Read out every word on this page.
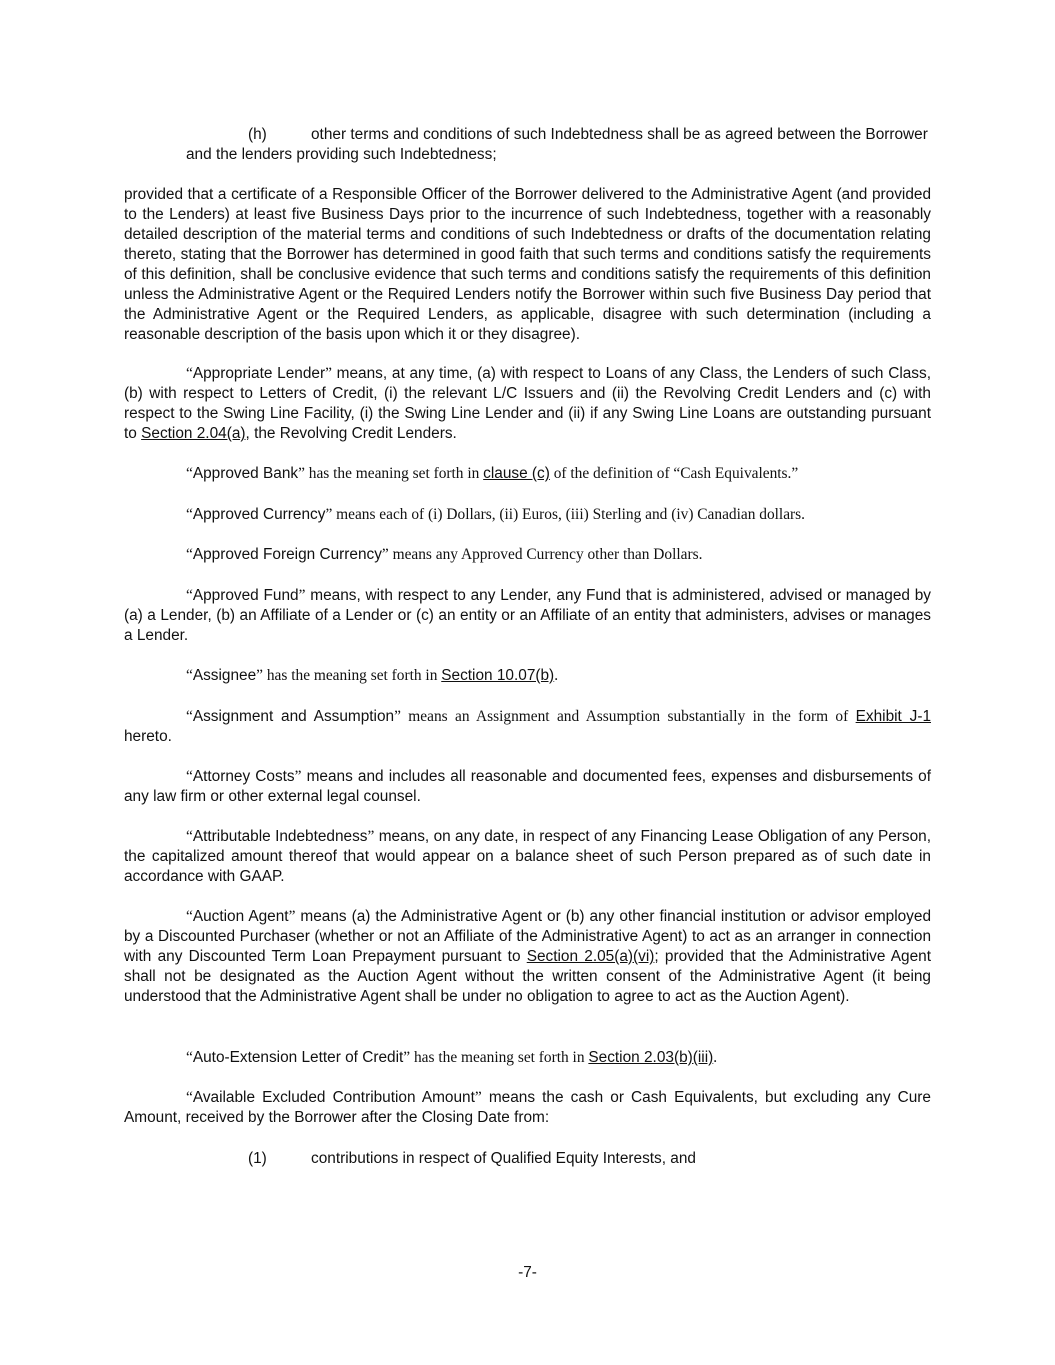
(h)	other terms and conditions of such Indebtedness shall be as agreed between the Borrower

and the lenders providing such Indebtedness;

provided that a certificate of a Responsible Officer of the Borrower delivered to the Administrative Agent (and provided to the Lenders) at least five Business Days prior to the incurrence of such Indebtedness, together with a reasonably detailed description of the material terms and conditions of such Indebtedness or drafts of the documentation relating thereto, stating that the Borrower has determined in good faith that such terms and conditions satisfy the requirements of this definition, shall be conclusive evidence that such terms and conditions satisfy the requirements of this definition unless the Administrative Agent or the Required Lenders notify the Borrower within such five Business Day period that the Administrative Agent or the Required Lenders, as applicable, disagree with such determination (including a reasonable description of the basis upon which it or they disagree).

“Appropriate Lender” means, at any time, (a) with respect to Loans of any Class, the Lenders of such Class, (b) with respect to Letters of Credit, (i) the relevant L/C Issuers and (ii) the Revolving Credit Lenders and (c) with respect to the Swing Line Facility, (i) the Swing Line Lender and (ii) if any Swing Line Loans are outstanding pursuant to Section 2.04(a), the Revolving Credit Lenders.

“Approved Bank” has the meaning set forth in clause (c) of the definition of “Cash Equivalents.”

“Approved Currency” means each of (i) Dollars, (ii) Euros, (iii) Sterling and (iv) Canadian dollars.

“Approved Foreign Currency” means any Approved Currency other than Dollars.

“Approved Fund” means, with respect to any Lender, any Fund that is administered, advised or managed by (a) a Lender, (b) an Affiliate of a Lender or (c) an entity or an Affiliate of an entity that administers, advises or manages a Lender.

“Assignee” has the meaning set forth in Section 10.07(b).

“Assignment and Assumption” means an Assignment and Assumption substantially in the form of Exhibit J-1 hereto.

“Attorney Costs” means and includes all reasonable and documented fees, expenses and disbursements of any law firm or other external legal counsel.

“Attributable Indebtedness” means, on any date, in respect of any Financing Lease Obligation of any Person, the capitalized amount thereof that would appear on a balance sheet of such Person prepared as of such date in accordance with GAAP.

“Auction Agent” means (a) the Administrative Agent or (b) any other financial institution or advisor employed by a Discounted Purchaser (whether or not an Affiliate of the Administrative Agent) to act as an arranger in connection with any Discounted Term Loan Prepayment pursuant to Section 2.05(a)(vi); provided that the Administrative Agent shall not be designated as the Auction Agent without the written consent of the Administrative Agent (it being understood that the Administrative Agent shall be under no obligation to agree to act as the Auction Agent).

“Auto-Extension Letter of Credit” has the meaning set forth in Section 2.03(b)(iii).

“Available Excluded Contribution Amount” means the cash or Cash Equivalents, but excluding any Cure Amount, received by the Borrower after the Closing Date from:

(1)	contributions in respect of Qualified Equity Interests, and

-7-
